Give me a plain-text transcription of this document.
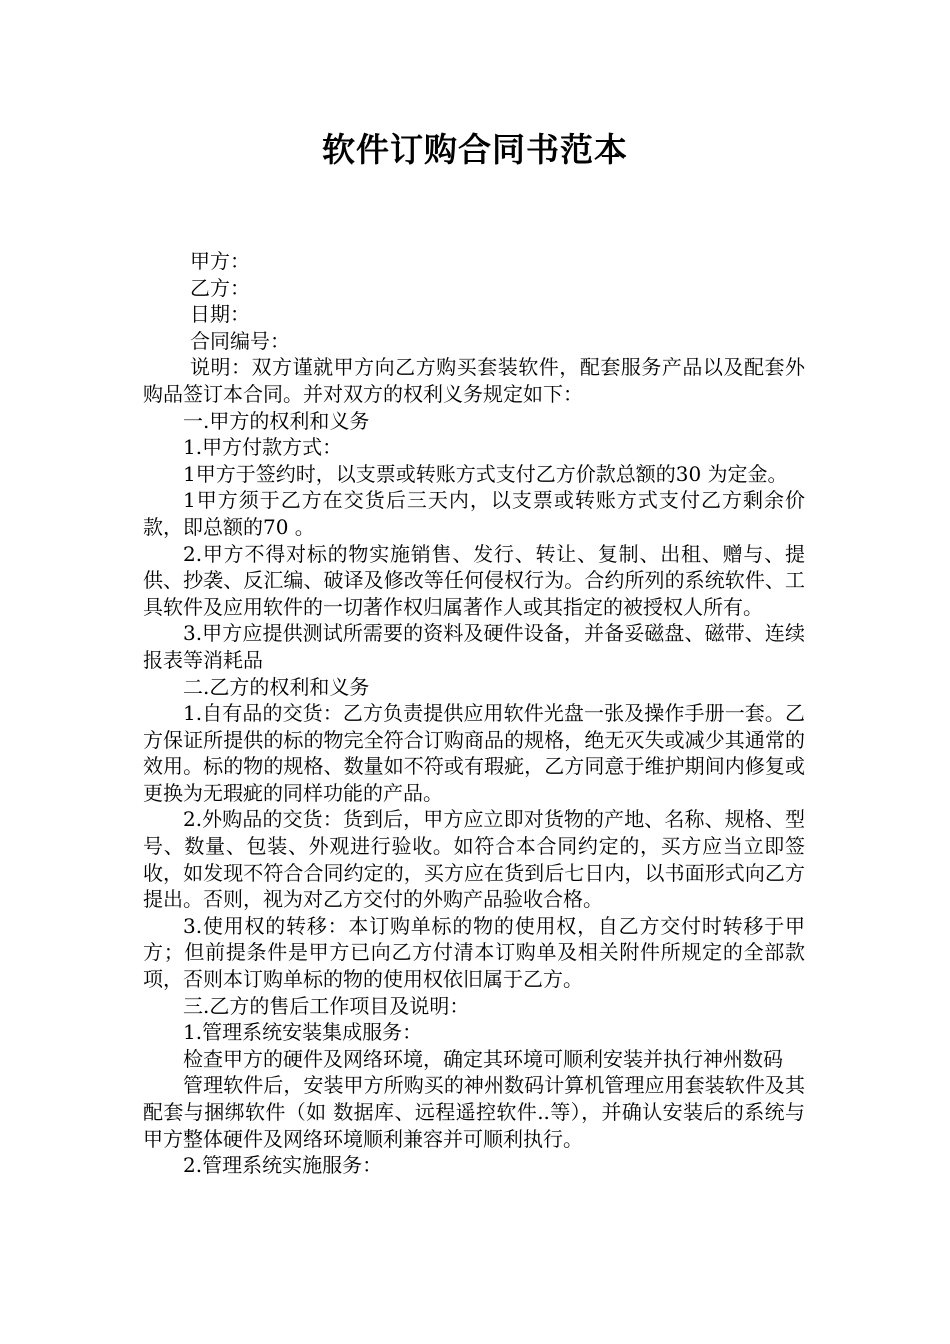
软件订购合同书范本

甲方：

乙方：

日期：

合同编号：

说明：双方谨就甲方向乙方购买套装软件，配套服务产品以及配套外购品签订本合同。并对双方的权利义务规定如下：

一.甲方的权利和义务

1.甲方付款方式：

1甲方于签约时，以支票或转账方式支付乙方价款总额的30 为定金。

1甲方须于乙方在交货后三天内，以支票或转账方式支付乙方剩余价款，即总额的70 。

2.甲方不得对标的物实施销售、发行、转让、复制、出租、赠与、提供、抄袭、反汇编、破译及修改等任何侵权行为。合约所列的系统软件、工具软件及应用软件的一切著作权归属著作人或其指定的被授权人所有。

3.甲方应提供测试所需要的资料及硬件设备，并备妥磁盘、磁带、连续报表等消耗品

二.乙方的权利和义务

1.自有品的交货：乙方负责提供应用软件光盘一张及操作手册一套。乙方保证所提供的标的物完全符合订购商品的规格，绝无灭失或减少其通常的效用。标的物的规格、数量如不符或有瑕疵，乙方同意于维护期间内修复或更换为无瑕疵的同样功能的产品。

2.外购品的交货：货到后，甲方应立即对货物的产地、名称、规格、型号、数量、包装、外观进行验收。如符合本合同约定的，买方应当立即签收，如发现不符合合同约定的，买方应在货到后七日内，以书面形式向乙方提出。否则，视为对乙方交付的外购产品验收合格。

3.使用权的转移：本订购单标的物的使用权，自乙方交付时转移于甲方；但前提条件是甲方已向乙方付清本订购单及相关附件所规定的全部款项，否则本订购单标的物的使用权依旧属于乙方。

三.乙方的售后工作项目及说明：

1.管理系统安装集成服务：

检查甲方的硬件及网络环境，确定其环境可顺利安装并执行神州数码

管理软件后，安装甲方所购买的神州数码计算机管理应用套装软件及其配套与捆绑软件（如 数据库、远程遥控软件..等），并确认安装后的系统与甲方整体硬件及网络环境顺利兼容并可顺利执行。

2.管理系统实施服务：
